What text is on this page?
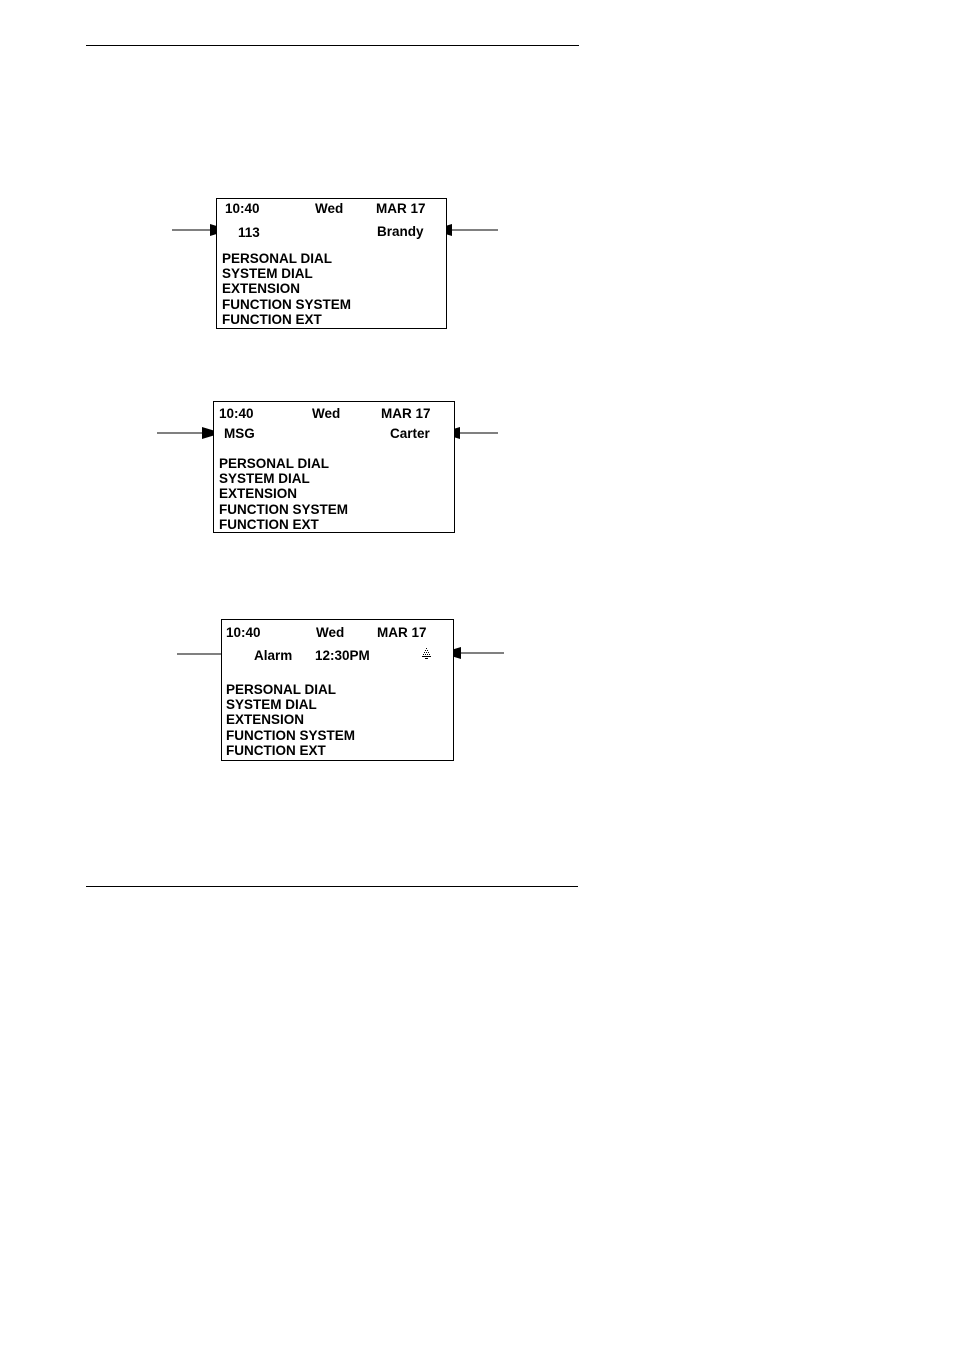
10:40	Wed MAR 17
113	Brandy
PERSONAL DIAL
SYSTEM DIAL
EXTENSION
FUNCTION SYSTEM
FUNCTION EXT
10:40	Wed	MAR 17
MSG	Carter
PERSONAL DIAL
SYSTEM DIAL
EXTENSION
FUNCTION SYSTEM
FUNCTION EXT
10:40	Wed MAR 17
Alarm 12:30PM
PERSONAL DIAL
SYSTEM DIAL
EXTENSION
FUNCTION SYSTEM
FUNCTION EXT
